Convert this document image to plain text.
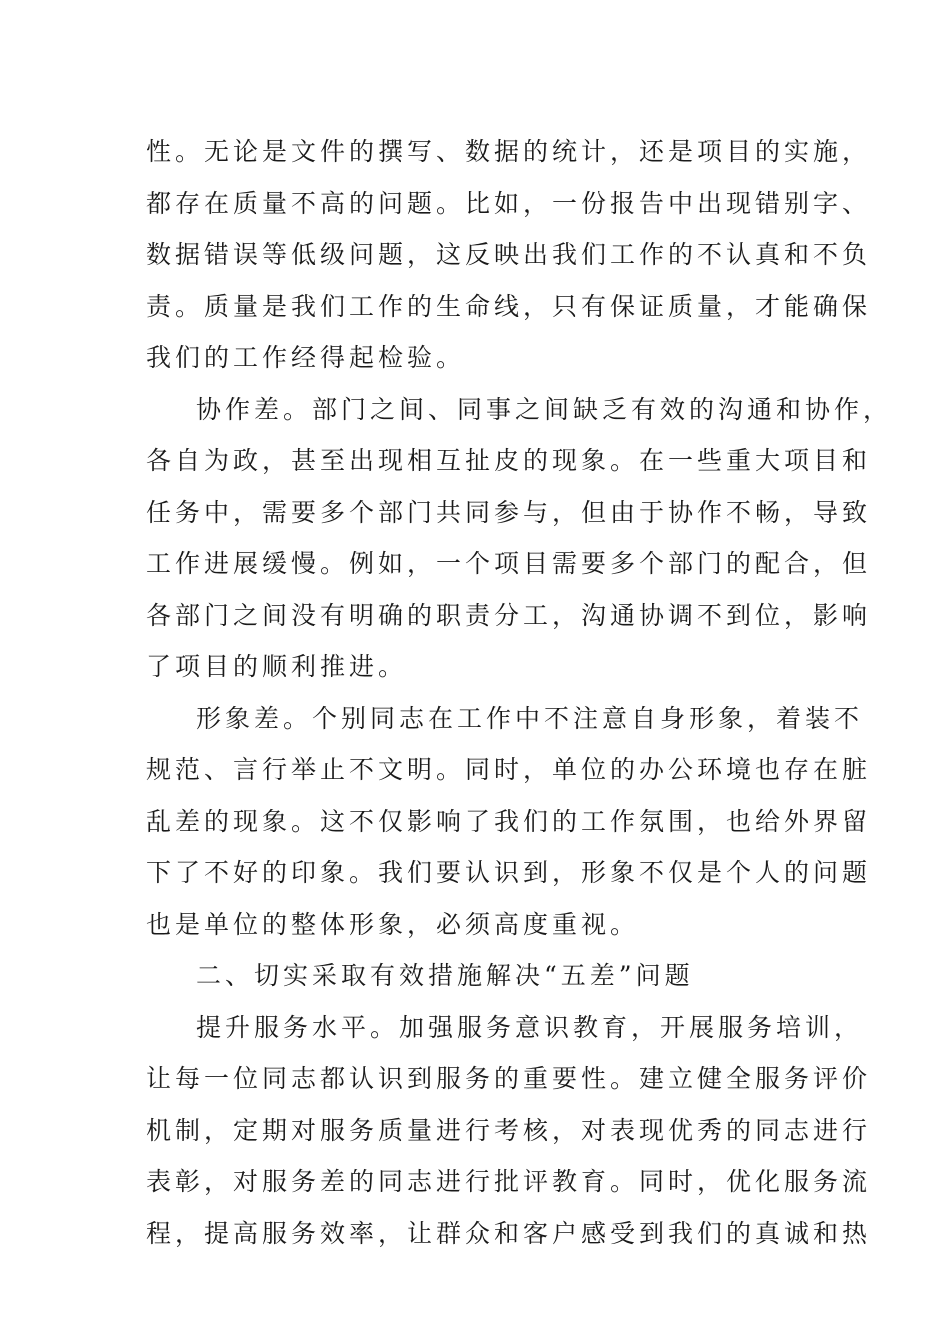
性。无论是文件的撰写、数据的统计，还是项目的实施，
都存在质量不高的问题。比如，一份报告中出现错别字、
数据错误等低级问题，这反映出我们工作的不认真和不负
责。质量是我们工作的生命线，只有保证质量，才能确保
我们的工作经得起检验。
协作差。部门之间、同事之间缺乏有效的沟通和协作，
各自为政，甚至出现相互扯皮的现象。在一些重大项目和
任务中，需要多个部门共同参与，但由于协作不畅，导致
工作进展缓慢。例如，一个项目需要多个部门的配合，但
各部门之间没有明确的职责分工，沟通协调不到位，影响
了项目的顺利推进。
形象差。个别同志在工作中不注意自身形象，着装不
规范、言行举止不文明。同时，单位的办公环境也存在脏
乱差的现象。这不仅影响了我们的工作氛围，也给外界留
下了不好的印象。我们要认识到，形象不仅是个人的问题
也是单位的整体形象，必须高度重视。
二、切实采取有效措施解决“五差”问题
提升服务水平。加强服务意识教育，开展服务培训，
让每一位同志都认识到服务的重要性。建立健全服务评价
机制，定期对服务质量进行考核，对表现优秀的同志进行
表彰，对服务差的同志进行批评教育。同时，优化服务流
程，提高服务效率，让群众和客户感受到我们的真诚和热
